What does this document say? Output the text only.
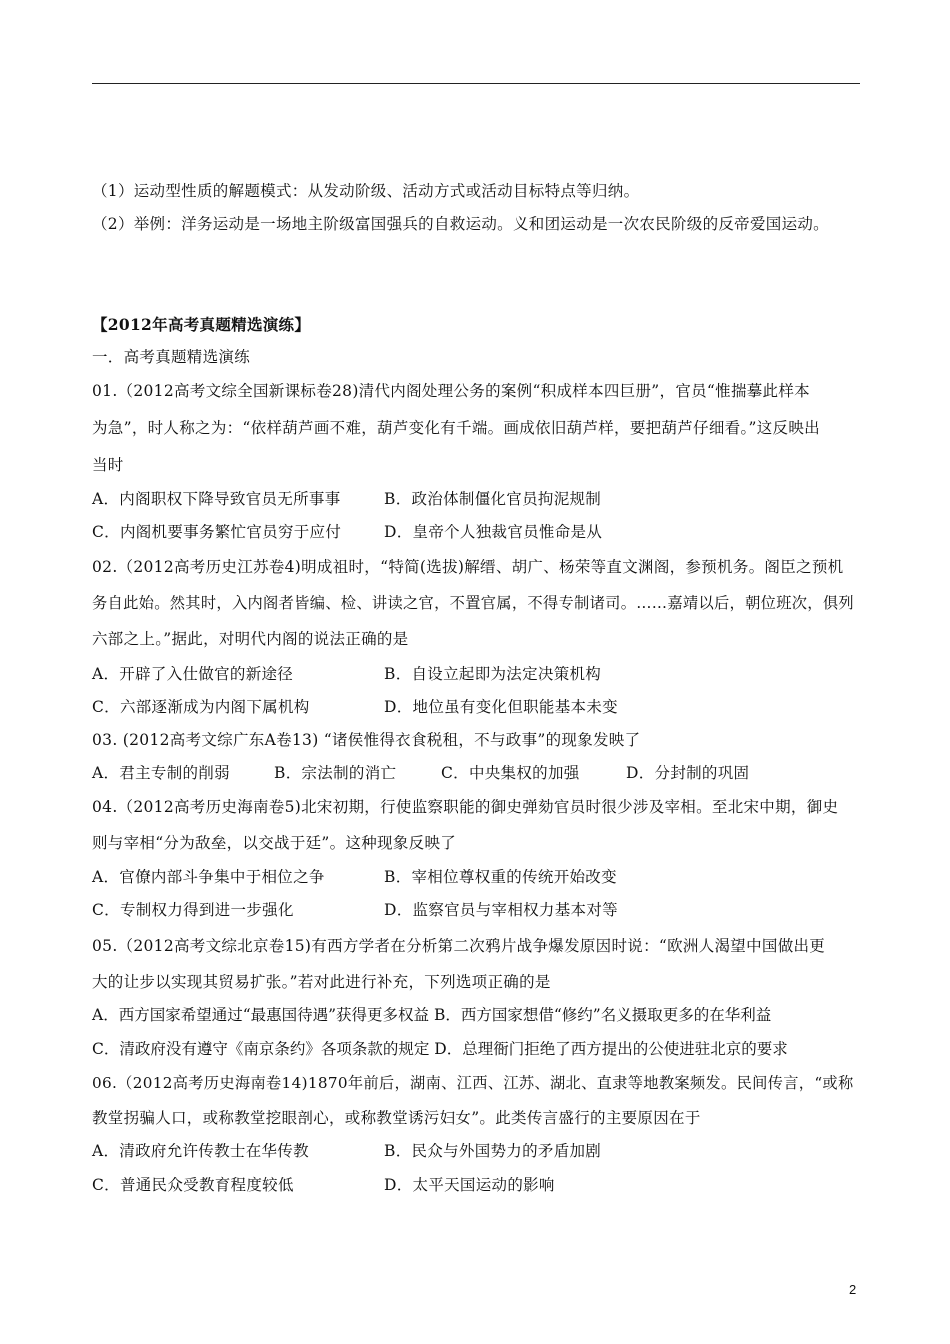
（1）运动型性质的解题模式：从发动阶级、活动方式或活动目标特点等归纳。
（2）举例：洋务运动是一场地主阶级富国强兵的自救运动。义和团运动是一次农民阶级的反帝爱国运动。
【2012年高考真题精选演练】
一．高考真题精选演练
01.（2012高考文综全国新课标卷28)清代内阁处理公务的案例“积成样本四巨册”，官员“惟揣摹此样本
为急”，时人称之为：“依样葫芦画不难，葫芦变化有千端。画成依旧葫芦样，要把葫芦仔细看。”这反映出
当时
A．内阁职权下降导致官员无所事事	B．政治体制僵化官员拘泥规制
C．内阁机要事务繁忙官员穷于应付	D．皇帝个人独裁官员惟命是从
02.（2012高考历史江苏卷4)明成祖时，“特简(选拔)解缙、胡广、杨荣等直文渊阁，参预机务。阁臣之预机
务自此始。然其时，入内阁者皆编、检、讲读之官，不置官属，不得专制诸司。……嘉靖以后，朝位班次，俱列
六部之上。”据此，对明代内阁的说法正确的是
A．开辟了入仕做官的新途径	B．自设立起即为法定决策机构
C．六部逐渐成为内阁下属机构	D．地位虽有变化但职能基本未变
03. (2012高考文综广东A卷13) “诸侯惟得衣食税租，不与政事”的现象发映了
A．君主专制的削弱	B．宗法制的消亡	C．中央集权的加强	D．分封制的巩固
04.（2012高考历史海南卷5)北宋初期，行使监察职能的御史弹劾官员时很少涉及宰相。至北宋中期，御史
则与宰相“分为敌垒，以交战于廷”。这种现象反映了
A．官僚内部斗争集中于相位之争	B．宰相位尊权重的传统开始改变
C．专制权力得到进一步强化	D．监察官员与宰相权力基本对等
05.（2012高考文综北京卷15)有西方学者在分析第二次鸦片战争爆发原因时说：“欧洲人渴望中国做出更
大的让步以实现其贸易扩张。”若对此进行补充，下列选项正确的是
A．西方国家希望通过“最惠国待遇”获得更多权益 B．西方国家想借“修约”名义摄取更多的在华利益
C．清政府没有遵守《南京条约》各项条款的规定 D．总理衙门拒绝了西方提出的公使进驻北京的要求
06.（2012高考历史海南卷14)1870年前后，湖南、江西、江苏、湖北、直隶等地教案频发。民间传言，“或称
教堂拐骗人口，或称教堂挖眼剖心，或称教堂诱污妇女”。此类传言盛行的主要原因在于
A．清政府允许传教士在华传教	B．民众与外国势力的矛盾加剧
C．普通民众受教育程度较低	D．太平天国运动的影响
2
